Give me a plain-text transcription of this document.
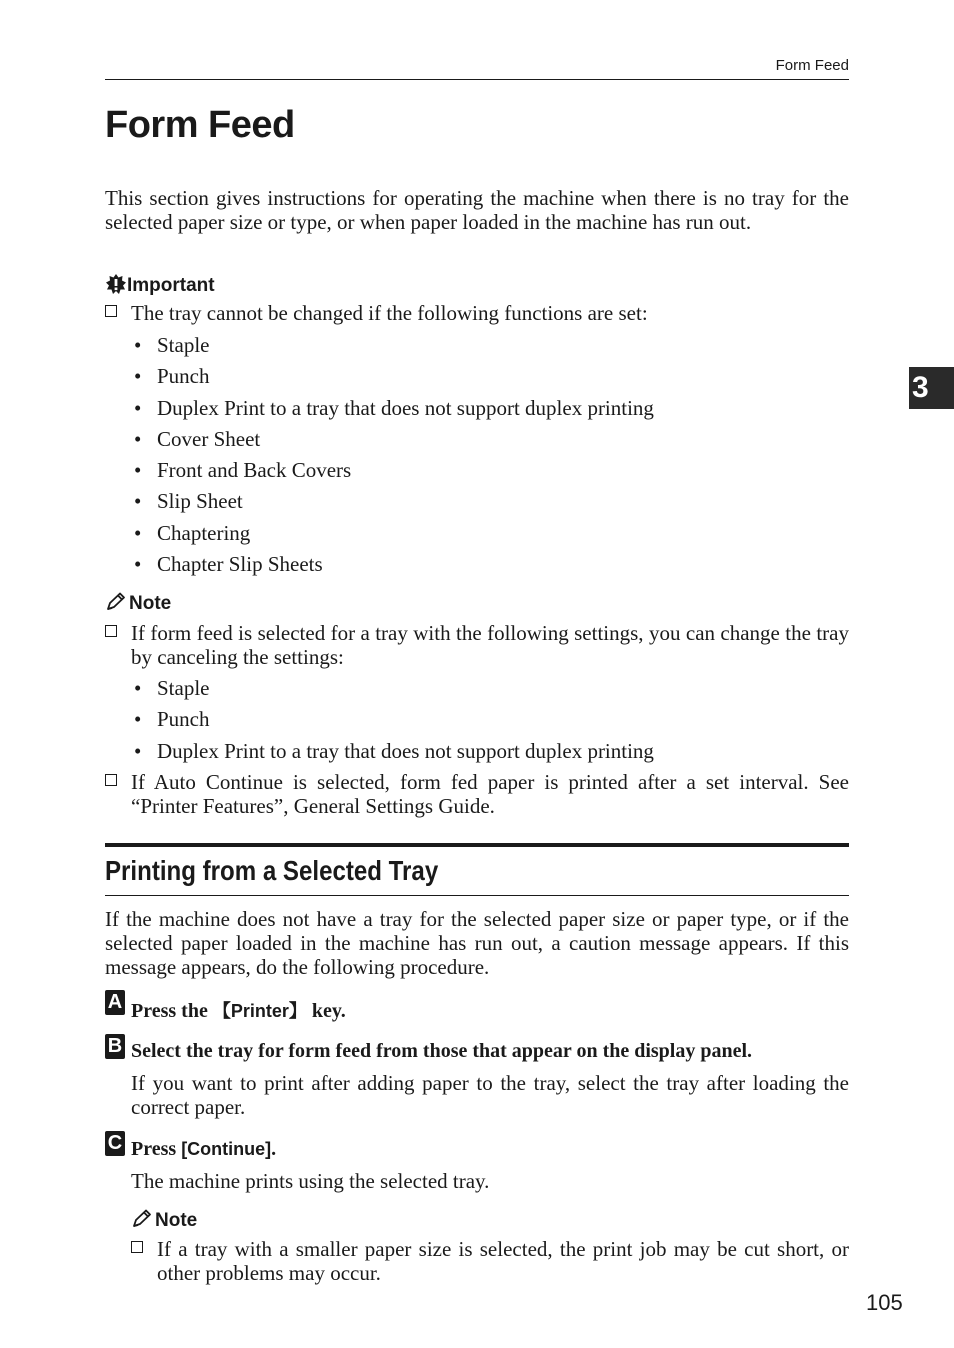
Form Feed
3
Form Feed
This section gives instructions for operating the machine when there is no tray for the selected paper size or type, or when paper loaded in the machine has run out.
Important
The tray cannot be changed if the following functions are set:
• Staple
• Punch
• Duplex Print to a tray that does not support duplex printing
• Cover Sheet
• Front and Back Covers
• Slip Sheet
• Chaptering
• Chapter Slip Sheets
Note
If form feed is selected for a tray with the following settings, you can change the tray by canceling the settings:
• Staple
• Punch
• Duplex Print to a tray that does not support duplex printing
If Auto Continue is selected, form fed paper is printed after a set interval. See “Printer Features”, General Settings Guide.
Printing from a Selected Tray
If the machine does not have a tray for the selected paper size or paper type, or if the selected paper loaded in the machine has run out, a caution message appears. If this message appears, do the following procedure.
A Press the 【Printer】 key.
B Select the tray for form feed from those that appear on the display panel.
If you want to print after adding paper to the tray, select the tray after loading the correct paper.
C Press [Continue].
The machine prints using the selected tray.
Note
If a tray with a smaller paper size is selected, the print job may be cut short, or other problems may occur.
105
